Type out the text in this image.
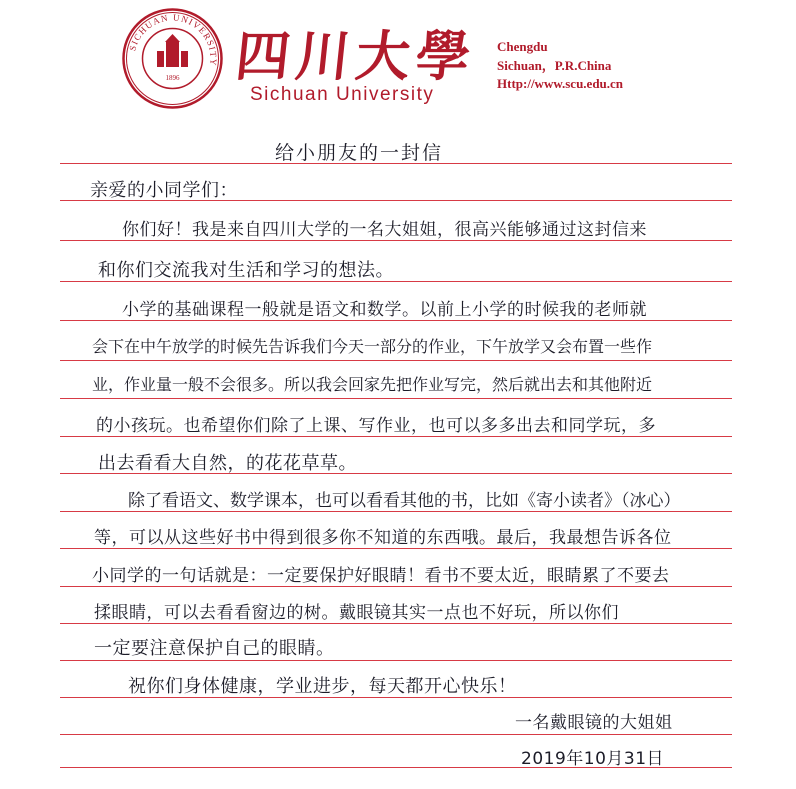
SICHUAN UNIVERSITY
1896 四川大學
Sichuan University
Chengdu
Sichuan，P.R.China
Http://www.scu.edu.cn
给小朋友的一封信
亲爱的小同学们：
你们好！我是来自四川大学的一名大姐姐，很高兴能够通过这封信来
和你们交流我对生活和学习的想法。
小学的基础课程一般就是语文和数学。以前上小学的时候我的老师就
会下在中午放学的时候先告诉我们今天一部分的作业，下午放学又会布置一些作
业，作业量一般不会很多。所以我会回家先把作业写完，然后就出去和其他附近
的小孩玩。也希望你们除了上课、写作业，也可以多多出去和同学玩，多
出去看看大自然，的花花草草。
除了看语文、数学课本，也可以看看其他的书，比如《寄小读者》（冰心）
等，可以从这些好书中得到很多你不知道的东西哦。最后，我最想告诉各位
小同学的一句话就是：一定要保护好眼睛！看书不要太近，眼睛累了不要去
揉眼睛，可以去看看窗边的树。戴眼镜其实一点也不好玩，所以你们
一定要注意保护自己的眼睛。
祝你们身体健康，学业进步，每天都开心快乐！
一名戴眼镜的大姐姐
2019年10月31日
